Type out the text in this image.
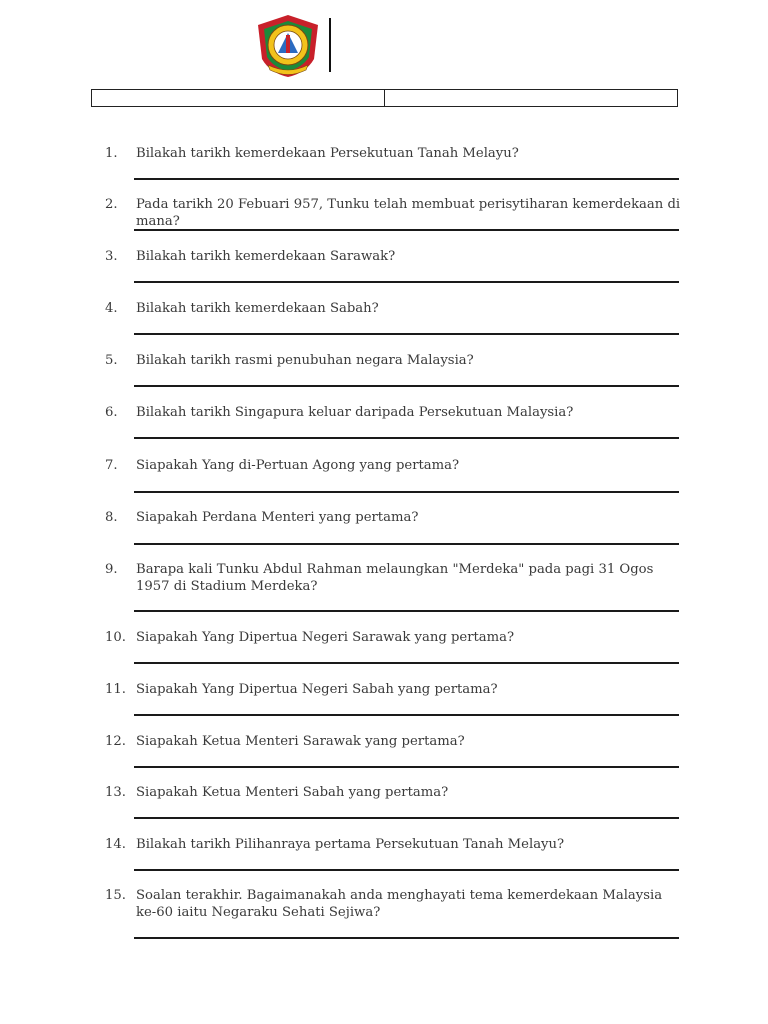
1.	Bilakah tarikh kemerdekaan Persekutuan Tanah Melayu?
2.	Pada tarikh 20 Febuari 957, Tunku telah membuat perisytiharan kemerdekaan di mana?
3.	Bilakah tarikh kemerdekaan Sarawak?
4.	Bilakah tarikh kemerdekaan Sabah?
5.	Bilakah tarikh rasmi penubuhan negara Malaysia?
6.	Bilakah tarikh Singapura keluar daripada Persekutuan Malaysia?
7.	Siapakah Yang di-Pertuan Agong yang pertama?
8.	Siapakah Perdana Menteri yang pertama?
9.	Barapa kali Tunku Abdul Rahman melaungkan "Merdeka" pada pagi 31 Ogos 1957 di Stadium Merdeka?
10. Siapakah Yang Dipertua Negeri Sarawak yang pertama?
11. Siapakah Yang Dipertua Negeri Sabah yang pertama?
12. Siapakah Ketua Menteri Sarawak yang pertama?
13. Siapakah Ketua Menteri Sabah yang pertama?
14. Bilakah tarikh Pilihanraya pertama Persekutuan Tanah Melayu?
15. Soalan terakhir. Bagaimanakah anda menghayati tema kemerdekaan Malaysia ke-60 iaitu Negaraku Sehati Sejiwa?
